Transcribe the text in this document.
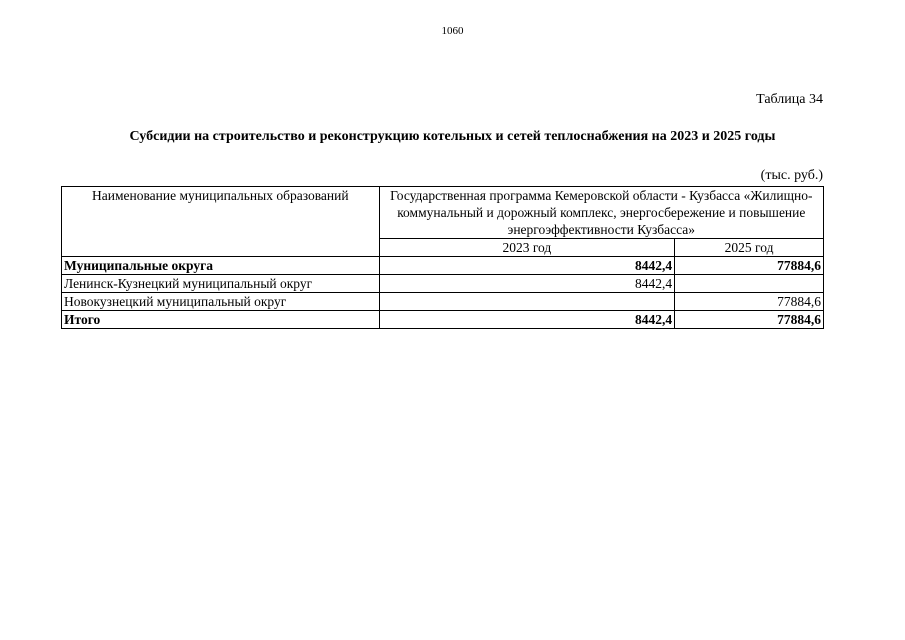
1060
Таблица 34
Субсидии на строительство и реконструкцию котельных и сетей теплоснабжения на 2023 и 2025 годы
(тыс. руб.)
Наименование муниципальных образований	Государственная программа Кемеровской области - Кузбасса «Жилищно-коммунальный и дорожный комплекс, энергосбережение и повышение энергоэффективности Кузбасса»	
	2023 год	2025 год
Муниципальные округа	8442,4	77884,6
Ленинск-Кузнецкий муниципальный округ	8442,4	
Новокузнецкий муниципальный округ		77884,6
Итого	8442,4	77884,6
